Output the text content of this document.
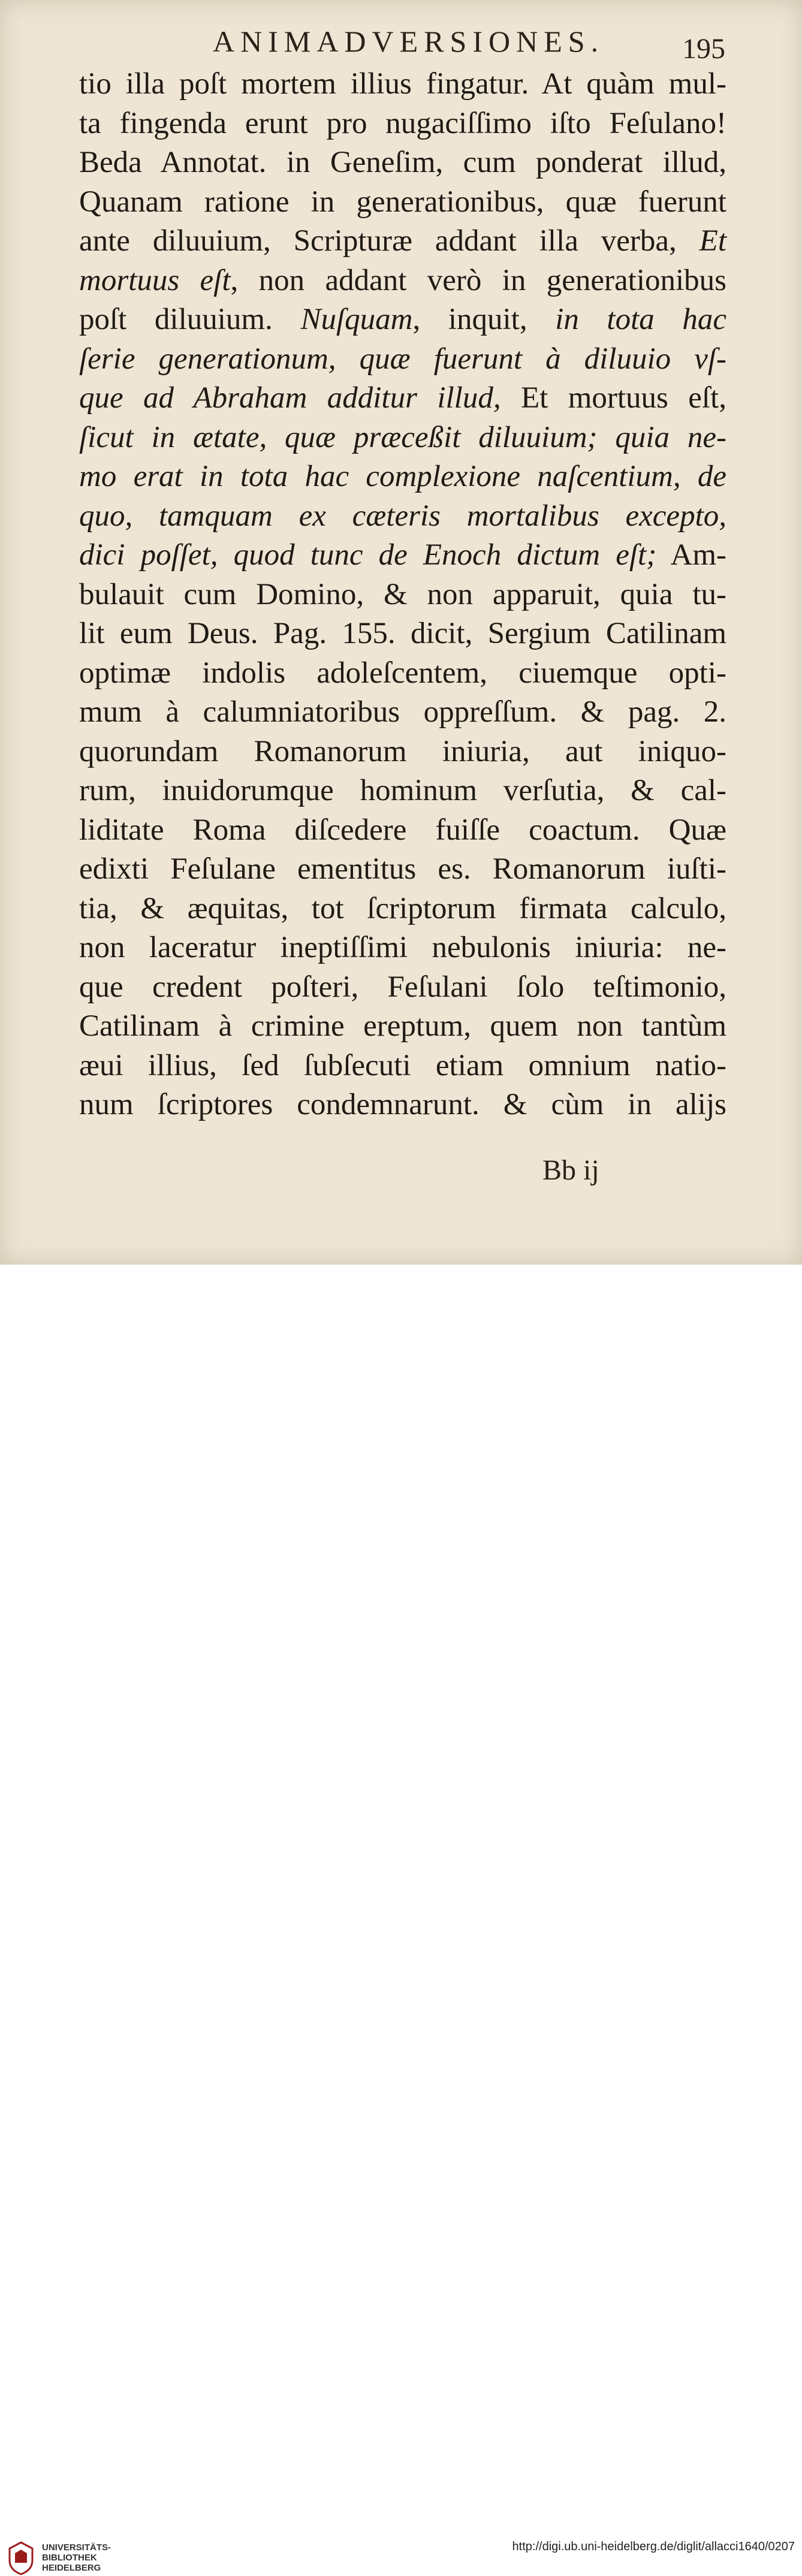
ANIMADVERSIONES.	195
tio illa poſt mortem illius fingatur. At quàm mul-
ta fingenda erunt pro nugaciſſimo iſto Feſulano!
Beda Annotat. in Geneſim, cum ponderat illud,
Quanam ratione in generationibus, quæ fuerunt
ante diluuium, Scripturæ addant illa verba, Et
mortuus eſt, non addant verò in generationibus
poſt diluuium. Nuſquam, inquit, in tota hac
ſerie generationum, quæ fuerunt à diluuio vſ-
que ad Abraham additur illud, Et mortuus eſt,
ſicut in ætate, quæ præceßit diluuium; quia ne-
mo erat in tota hac complexione naſcentium, de
quo, tamquam ex cæteris mortalibus excepto,
dici poſſet, quod tunc de Enoch dictum eſt; Am-
bulauit cum Domino, & non apparuit, quia tu-
lit eum Deus. Pag. 155. dicit, Sergium Catilinam
optimæ indolis adoleſcentem, ciuemque opti-
mum à calumniatoribus oppreſſum. & pag. 2.
quorundam Romanorum iniuria, aut iniquo-
rum, inuidorumque hominum verſutia, & cal-
liditate Roma diſcedere fuiſſe coactum. Quæ
edixti Feſulane ementitus es. Romanorum iuſti-
tia, & æquitas, tot ſcriptorum firmata calculo,
non laceratur ineptiſſimi nebulonis iniuria: ne-
que credent poſteri, Feſulani ſolo teſtimonio,
Catilinam à crimine ereptum, quem non tantùm
æui illius, ſed ſubſecuti etiam omnium natio-
num ſcriptores condemnarunt. & cùm in alijs
Bb ij
UNIVERSITÄTS-
BIBLIOTHEK
HEIDELBERG
http://digi.ub.uni-heidelberg.de/diglit/allacci1640/0207
